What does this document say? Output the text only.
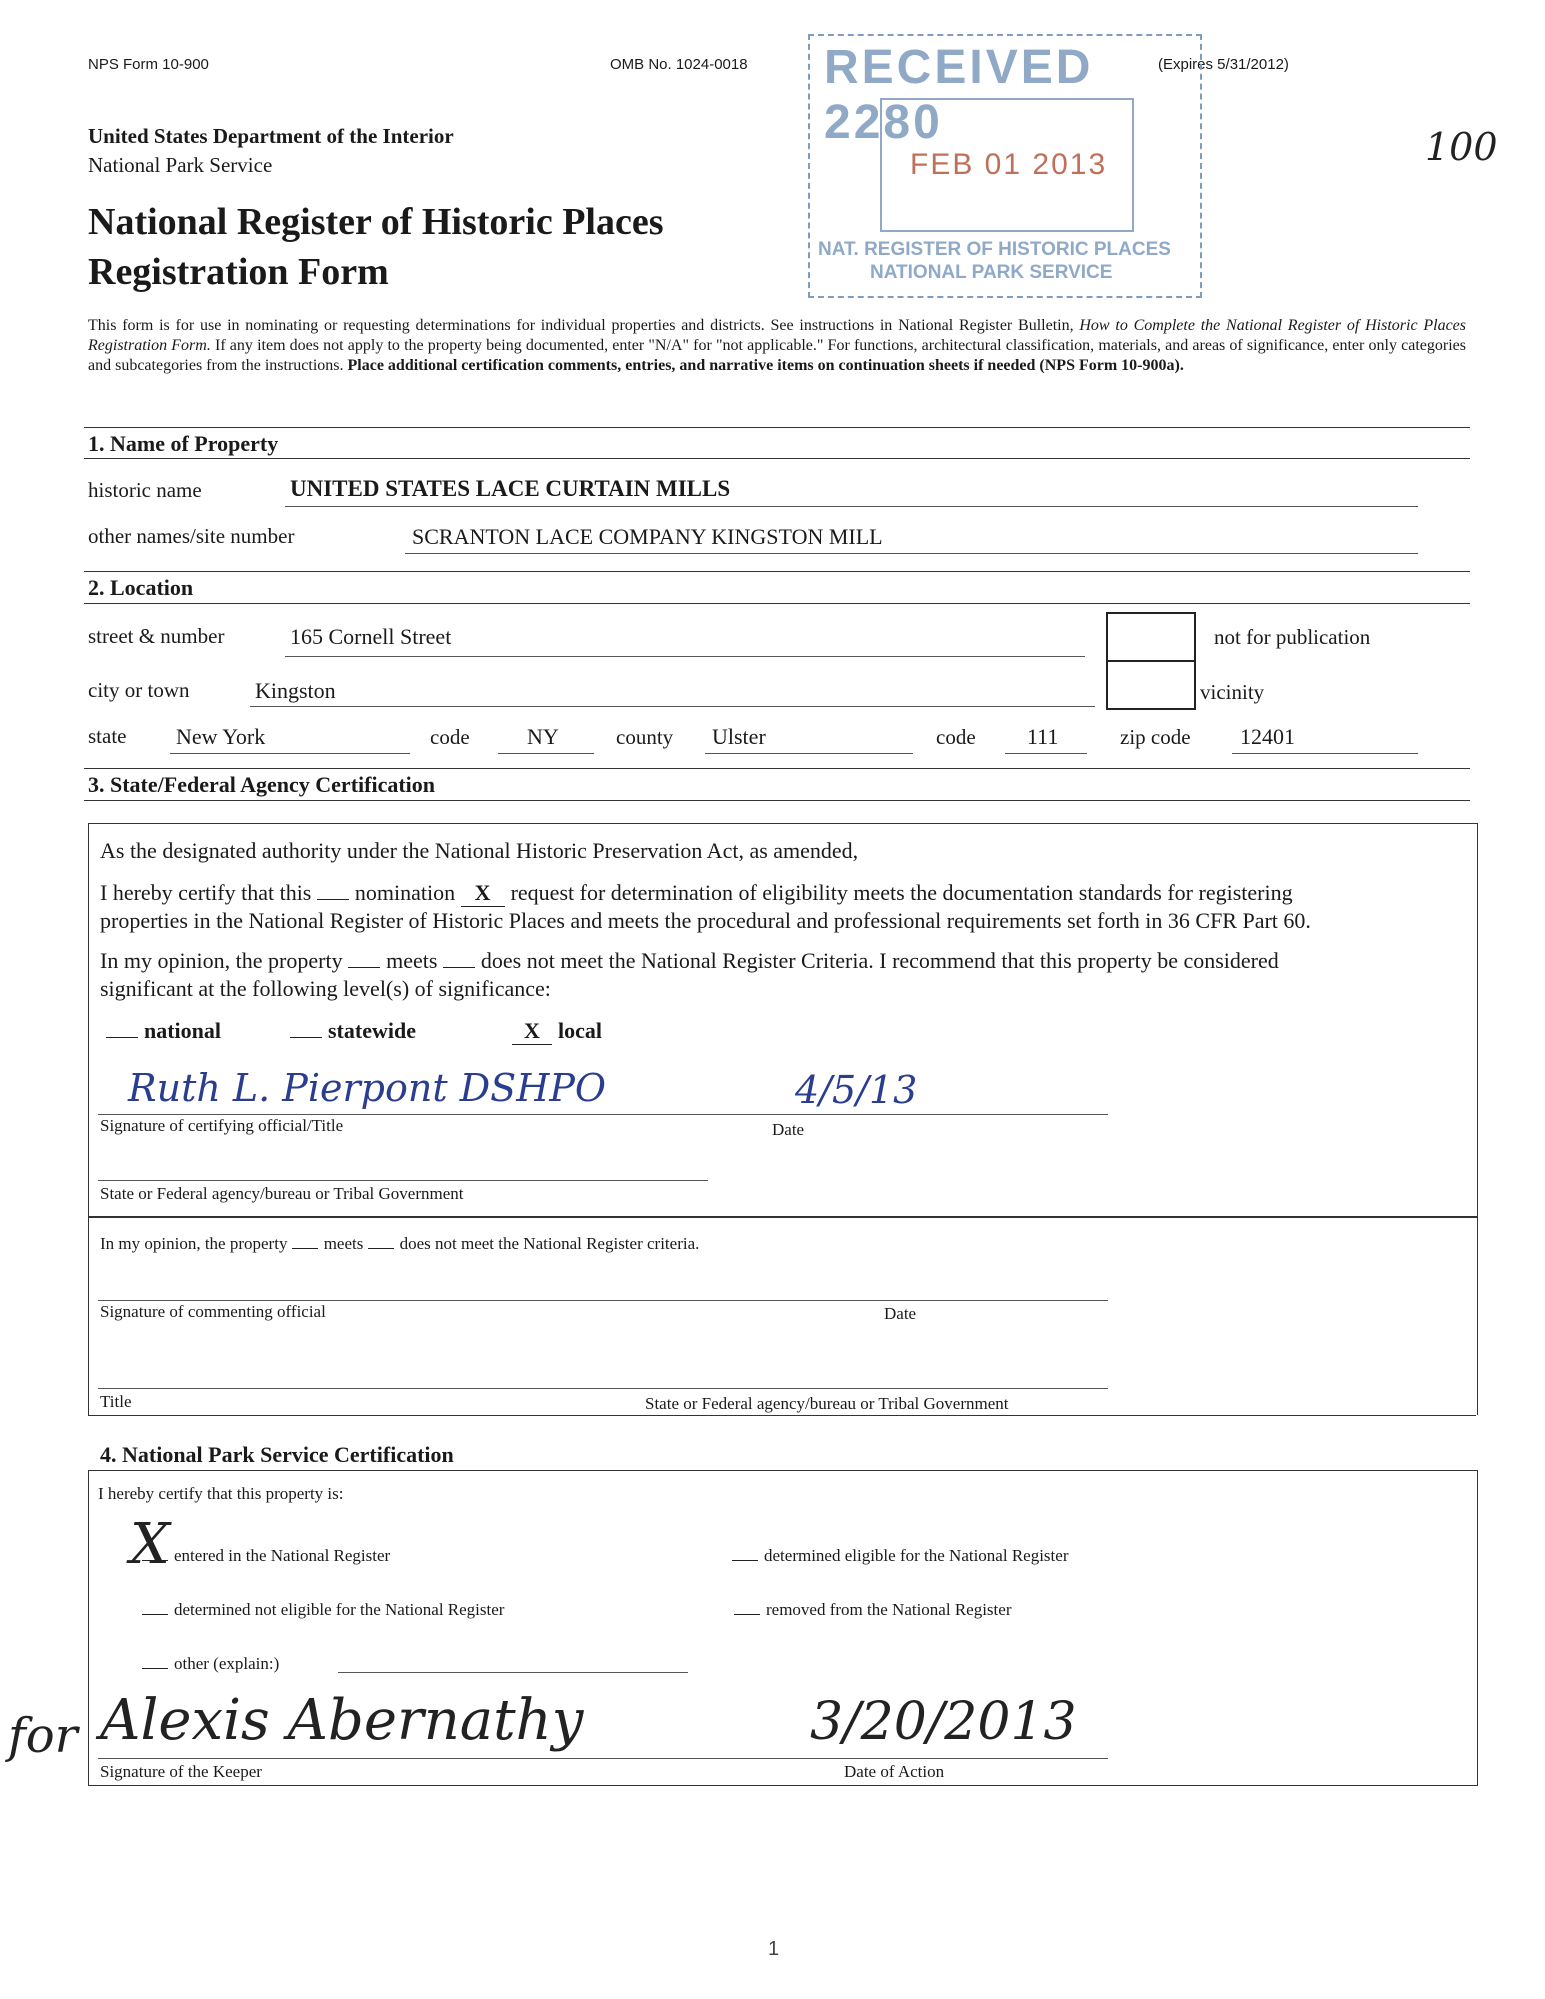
NPS Form 10-900	OMB No. 1024-0018	(Expires 5/31/2012)
United States Department of the Interior
National Park Service
National Register of Historic Places
Registration Form
100
RECEIVED 2280
FEB 01 2013
NAT. REGISTER OF HISTORIC PLACES
NATIONAL PARK SERVICE
This form is for use in nominating or requesting determinations for individual properties and districts. See instructions in National Register Bulletin, How to Complete the National Register of Historic Places Registration Form. If any item does not apply to the property being documented, enter "N/A" for "not applicable." For functions, architectural classification, materials, and areas of significance, enter only categories and subcategories from the instructions. Place additional certification comments, entries, and narrative items on continuation sheets if needed (NPS Form 10-900a).
1. Name of Property
historic name	UNITED STATES LACE CURTAIN MILLS
other names/site number	SCRANTON LACE COMPANY KINGSTON MILL
2. Location
street & number	165 Cornell Street	not for publication
city or town	Kingston	vicinity
state New York	code	NY	county Ulster	code 111	zip code 12401
3. State/Federal Agency Certification
As the designated authority under the National Historic Preservation Act, as amended,
I hereby certify that this nomination X request for determination of eligibility meets the documentation standards for registering
properties in the National Register of Historic Places and meets the procedural and professional requirements set forth in 36 CFR Part 60.
In my opinion, the property meets does not meet the National Register Criteria. I recommend that this property be considered
significant at the following level(s) of significance:
national	statewide	X local
Ruth L. Pierpont DSHPO	4/5/13
Signature of certifying official/Title	Date
State or Federal agency/bureau or Tribal Government
In my opinion, the property meets does not meet the National Register criteria.
Signature of commenting official	Date
Title	State or Federal agency/bureau or Tribal Government
4. National Park Service Certification
I hereby certify that this property is:
X entered in the National Register	determined eligible for the National Register
determined not eligible for the National Register	removed from the National Register
other (explain:)
for Alexis Abernathy	3/20/2013
Signature of the Keeper	Date of Action
1
